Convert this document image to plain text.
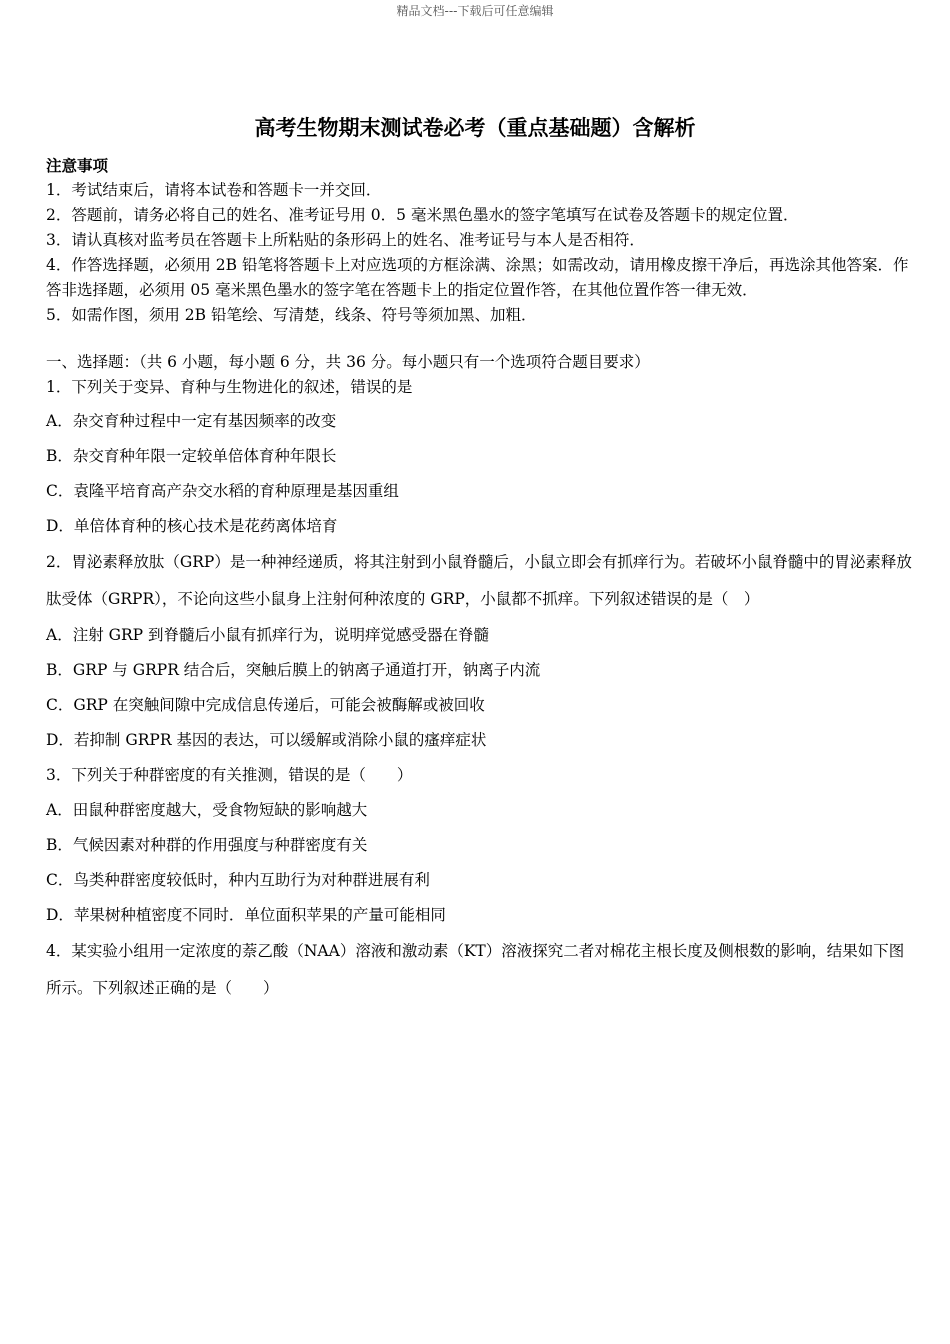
精品文档---下载后可任意编辑
高考生物期末测试卷必考（重点基础题）含解析

注意事项

1．考试结束后，请将本试卷和答题卡一并交回．

2．答题前，请务必将自己的姓名、准考证号用 0．5 毫米黑色墨水的签字笔填写在试卷及答题卡的规定位置．

3．请认真核对监考员在答题卡上所粘贴的条形码上的姓名、准考证号与本人是否相符．

4．作答选择题，必须用 2B 铅笔将答题卡上对应选项的方框涂满、涂黑；如需改动，请用橡皮擦干净后，再选涂其他答案．作答非选择题，必须用 05 毫米黑色墨水的签字笔在答题卡上的指定位置作答，在其他位置作答一律无效．

5．如需作图，须用 2B 铅笔绘、写清楚，线条、符号等须加黑、加粗．

一、选择题：（共 6 小题，每小题 6 分，共 36 分。每小题只有一个选项符合题目要求）

1．下列关于变异、育种与生物进化的叙述，错误的是

A．杂交育种过程中一定有基因频率的改变

B．杂交育种年限一定较单倍体育种年限长

C．袁隆平培育高产杂交水稻的育种原理是基因重组

D．单倍体育种的核心技术是花药离体培育

2．胃泌素释放肽（GRP）是一种神经递质，将其注射到小鼠脊髓后，小鼠立即会有抓痒行为。若破坏小鼠脊髓中的胃泌素释放肽受体（GRPR），不论向这些小鼠身上注射何种浓度的 GRP，小鼠都不抓痒。下列叙述错误的是（　）

A．注射 GRP 到脊髓后小鼠有抓痒行为，说明痒觉感受器在脊髓

B．GRP 与 GRPR 结合后，突触后膜上的钠离子通道打开，钠离子内流

C．GRP 在突触间隙中完成信息传递后，可能会被酶解或被回收

D．若抑制 GRPR 基因的表达，可以缓解或消除小鼠的瘙痒症状

3．下列关于种群密度的有关推测，错误的是（　　）

A．田鼠种群密度越大，受食物短缺的影响越大

B．气候因素对种群的作用强度与种群密度有关

C．鸟类种群密度较低时，种内互助行为对种群进展有利

D．苹果树种植密度不同时．单位面积苹果的产量可能相同

4．某实验小组用一定浓度的萘乙酸（NAA）溶液和激动素（KT）溶液探究二者对棉花主根长度及侧根数的影响，结果如下图所示。下列叙述正确的是（　　）
